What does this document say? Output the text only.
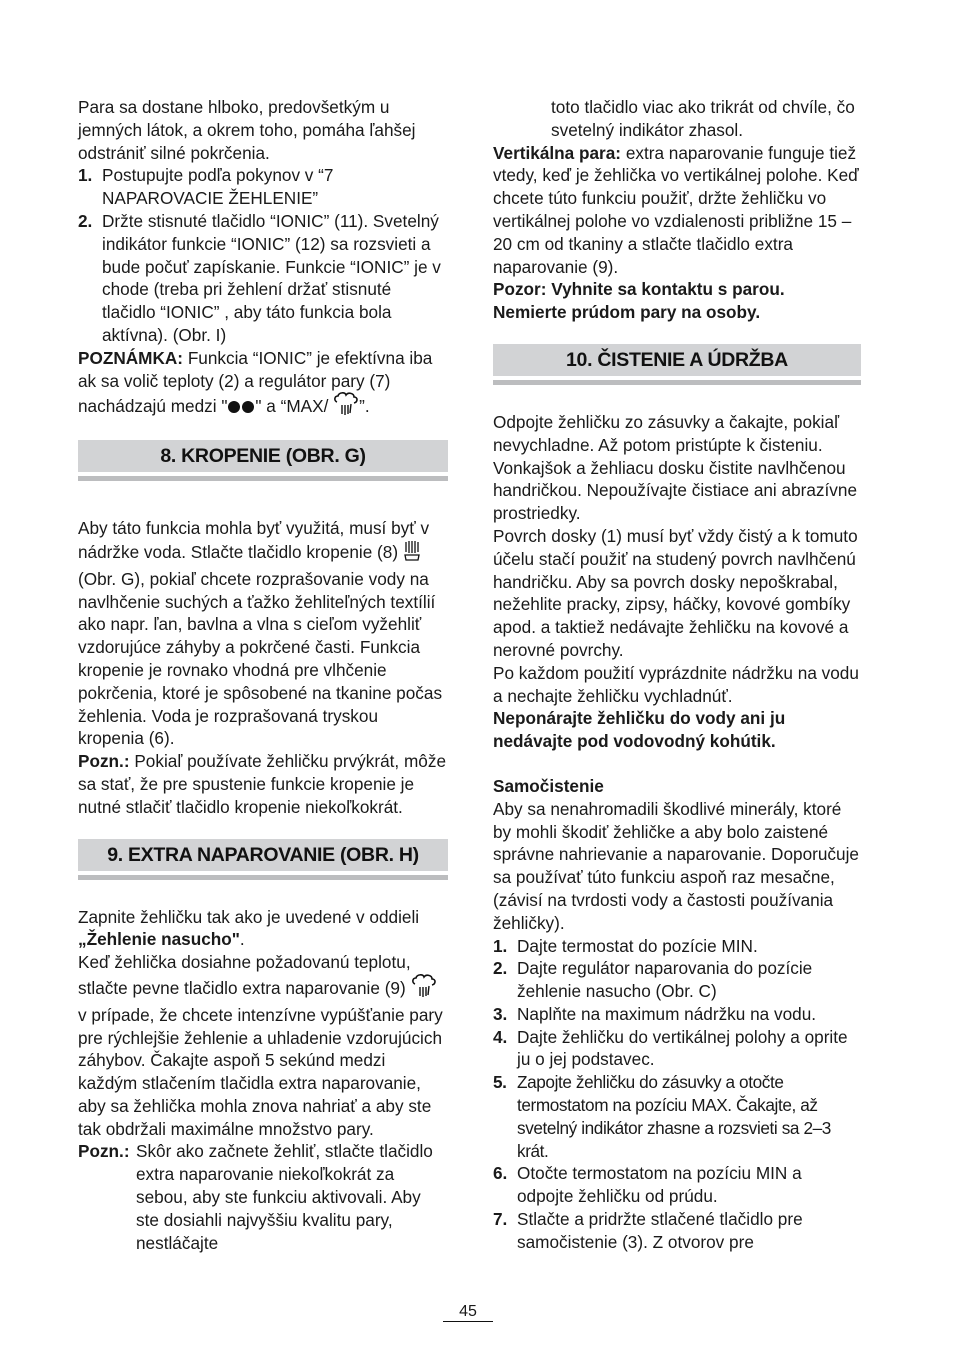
Para sa dostane hlboko, predovšetkým u jemných látok, a okrem toho, pomáha ľahšej odstrániť silné pokrčenia.

1. Postupujte podľa pokynov v “7 NAPAROVACIE ŽEHLENIE”
2. Držte stisnuté tlačidlo “IONIC” (11). Svetelný indikátor funkcie “IONIC” (12) sa rozsvieti a bude počuť zapískanie. Funkcie “IONIC” je v chode (treba pri žehlení držať stisnuté tlačidlo “IONIC” , aby táto funkcia bola aktívna). (Obr. I)

POZNÁMKA: Funkcia “IONIC” je efektívna iba ak sa volič teploty (2) a regulátor pary (7) nachádzajú medzi " " a “MAX/ ”.

8. KROPENIE (OBR. G)

Aby táto funkcia mohla byť využitá, musí byť v nádržke voda. Stlačte tlačidlo kropenie (8)  (Obr. G), pokiaľ chcete rozprašovanie vody na navlhčenie suchých a ťažko žehliteľných textílií ako napr. ľan, bavlna a vlna s cieľom vyžehliť vzdorujúce záhyby a pokrčené časti. Funkcia kropenie je rovnako vhodná pre vlhčenie pokrčenia, ktoré je spôsobené na tkanine počas žehlenia. Voda je rozprašovaná tryskou kropenia (6).

Pozn.: Pokiaľ používate žehličku prvýkrát, môže sa stať, že pre spustenie funkcie kropenie je nutné stlačiť tlačidlo kropenie niekoľkokrát.

9. EXTRA NAPAROVANIE (OBR. H)

Zapnite žehličku tak ako je uvedené v oddieli „Žehlenie nasucho".
Keď žehlička dosiahne požadovanú teplotu, stlačte pevne tlačidlo extra naparovanie (9)  v prípade, že chcete intenzívne vypúšťanie pary pre rýchlejšie žehlenie a uhladenie vzdorujúcich záhybov. Čakajte aspoň 5 sekúnd medzi každým stlačením tlačidla extra naparovanie, aby sa žehlička mohla znova nahriať a aby ste tak obdržali maximálne množstvo pary.

Pozn.: Skôr ako začnete žehliť, stlačte tlačidlo extra naparovanie niekoľkokrát za sebou, aby ste funkciu aktivovali. Aby ste dosiahli najvyššiu kvalitu pary, nestláčajte

toto tlačidlo viac ako trikrát od chvíle, čo svetelný indikátor zhasol.

Vertikálna para: extra naparovanie funguje tiež vtedy, keď je žehlička vo vertikálnej polohe. Keď chcete túto funkciu použiť, držte žehličku vo vertikálnej polohe vo vzdialenosti približne 15 –20 cm od tkaniny a stlačte tlačidlo extra naparovanie (9).

Pozor: Vyhnite sa kontaktu s parou. Nemierte prúdom pary na osoby.

10. ČISTENIE A ÚDRŽBA

Odpojte žehličku zo zásuvky a čakajte, pokiaľ nevychladne. Až potom pristúpte k čisteniu.

Vonkajšok a žehliacu dosku čistite navlhčenou handričkou. Nepoužívajte čistiace ani abrazívne prostriedky.

Povrch dosky (1) musí byť vždy čistý a k tomuto účelu stačí použiť na studený povrch navlhčenú handričku. Aby sa povrch dosky nepoškrabal, nežehlite pracky, zipsy, háčky, kovové gombíky apod. a taktiež nedávajte žehličku na kovové a nerovné povrchy.

Po každom použití vyprázdnite nádržku na vodu a nechajte žehličku vychladnúť.

Neponárajte žehličku do vody ani ju nedávajte pod vodovodný kohútik.

Samočistenie

Aby sa nenahromadili škodlivé minerály, ktoré by mohli škodiť žehličke a aby bolo zaistené správne nahrievanie a naparovanie. Doporučuje sa používať túto funkciu aspoň raz mesačne, (závisí na tvrdosti vody a častosti používania žehličky).

1. Dajte termostat do pozície MIN.
2. Dajte regulátor naparovania do pozície žehlenie nasucho (Obr. C)
3. Naplňte na maximum nádržku na vodu.
4. Dajte žehličku do vertikálnej polohy a oprite ju o jej podstavec.
5. Zapojte žehličku do zásuvky a otočte termostatom na pozíciu MAX. Čakajte, až svetelný indikátor zhasne a rozsvieti sa 2–3 krát.
6. Otočte termostatom na pozíciu MIN a odpojte žehličku od prúdu.
7. Stlačte a pridržte stlačené tlačidlo pre samočistenie (3). Z otvorov pre
45
